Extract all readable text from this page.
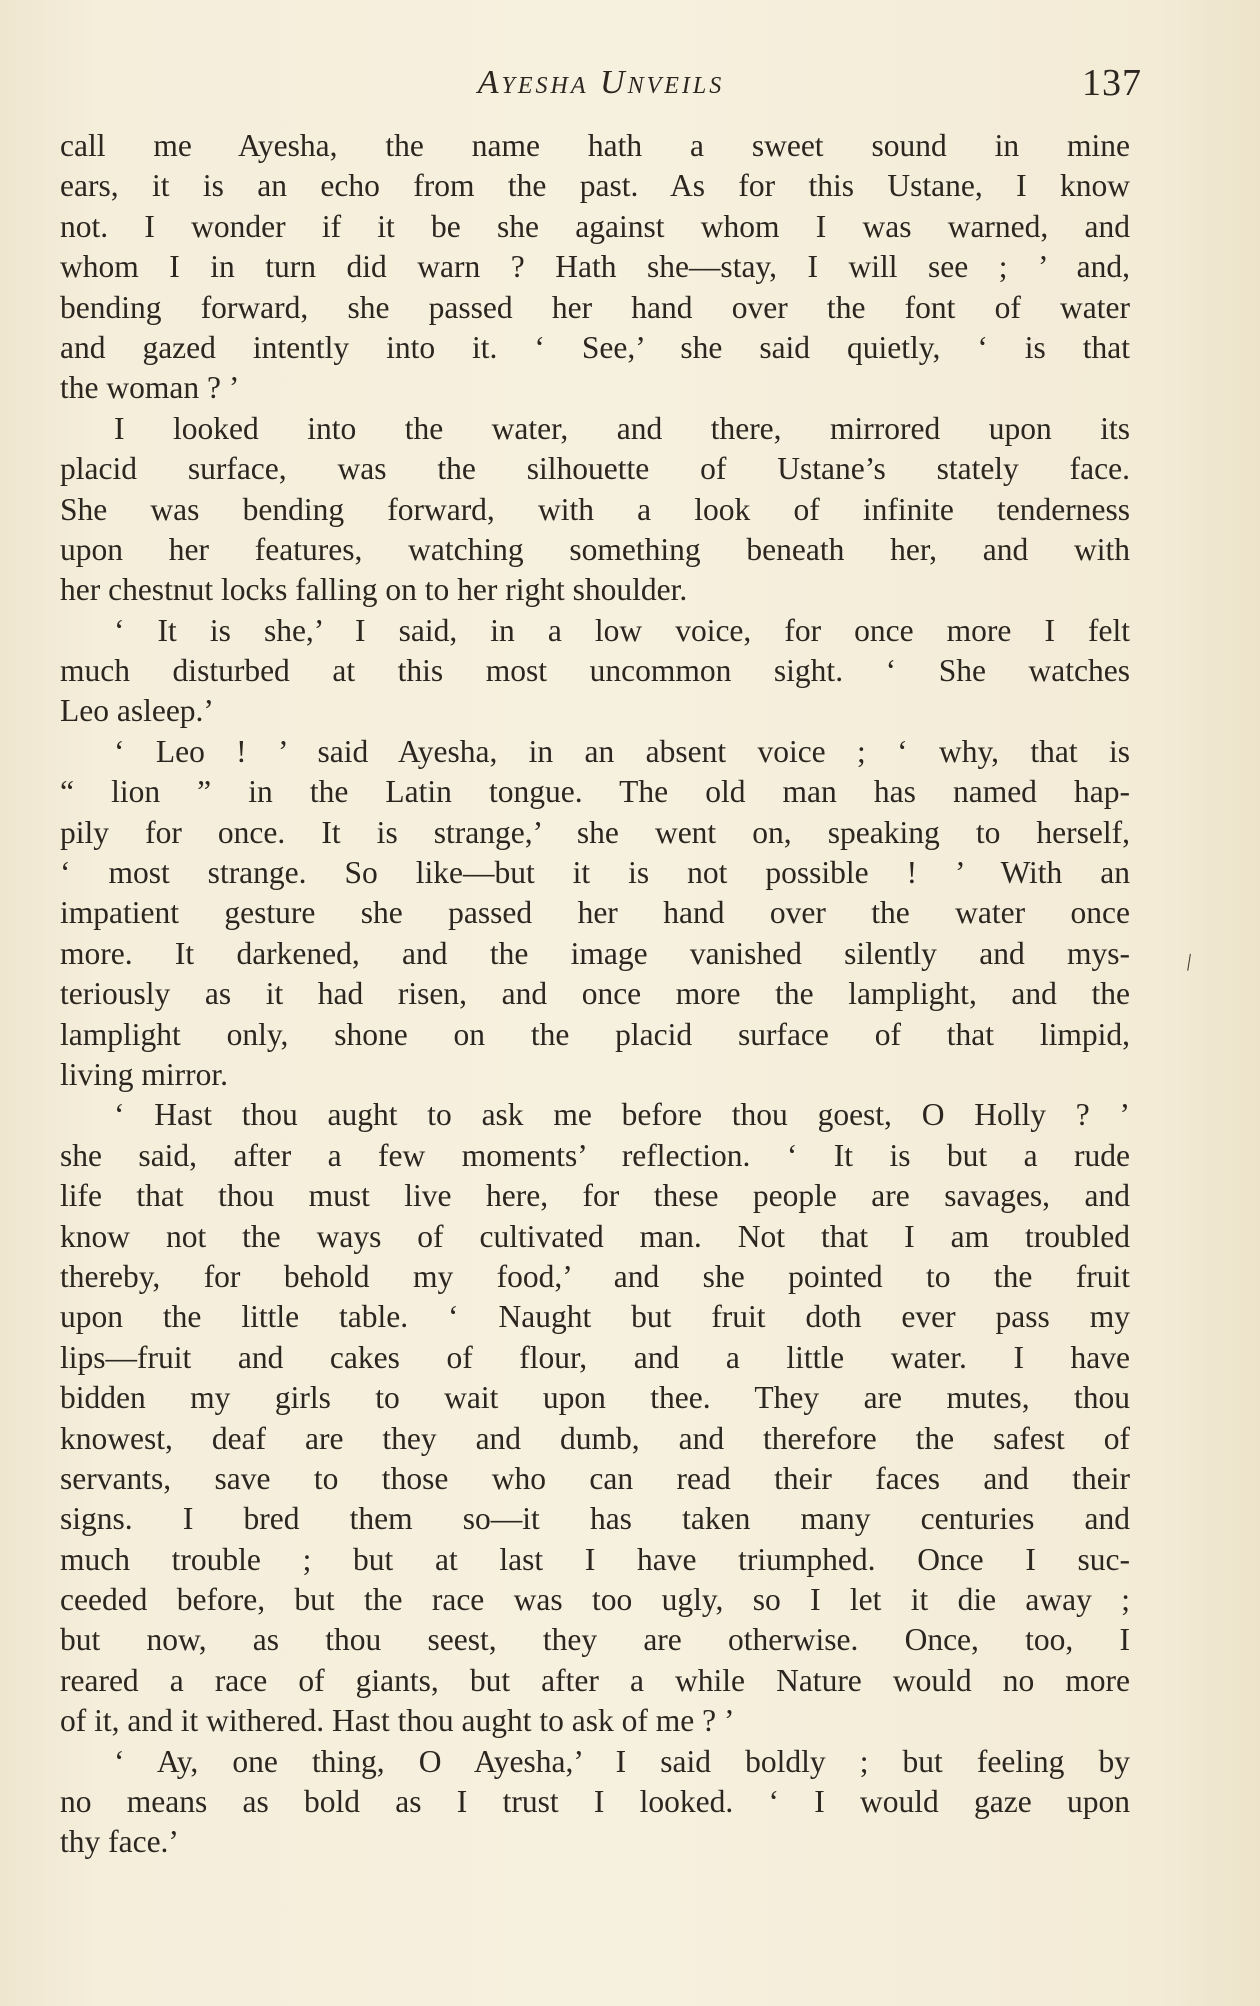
Ayesha Unveils	137
call me Ayesha, the name hath a sweet sound in mine
ears, it is an echo from the past. As for this Ustane, I know
not. I wonder if it be she against whom I was warned, and
whom I in turn did warn ? Hath she—stay, I will see ; ’ and,
bending forward, she passed her hand over the font of water
and gazed intently into it. ‘ See,’ she said quietly, ‘ is that
the woman ? ’
I looked into the water, and there, mirrored upon its
placid surface, was the silhouette of Ustane’s stately face.
She was bending forward, with a look of infinite tenderness
upon her features, watching something beneath her, and with
her chestnut locks falling on to her right shoulder.
‘ It is she,’ I said, in a low voice, for once more I felt
much disturbed at this most uncommon sight. ‘ She watches
Leo asleep.’
‘ Leo ! ’ said Ayesha, in an absent voice ; ‘ why, that is
“ lion ” in the Latin tongue. The old man has named hap-
pily for once. It is strange,’ she went on, speaking to herself,
‘ most strange. So like—but it is not possible ! ’ With an
impatient gesture she passed her hand over the water once
more. It darkened, and the image vanished silently and mys-
teriously as it had risen, and once more the lamplight, and the
lamplight only, shone on the placid surface of that limpid,
living mirror.
‘ Hast thou aught to ask me before thou goest, O Holly ? ’
she said, after a few moments’ reflection. ‘ It is but a rude
life that thou must live here, for these people are savages, and
know not the ways of cultivated man. Not that I am troubled
thereby, for behold my food,’ and she pointed to the fruit
upon the little table. ‘ Naught but fruit doth ever pass my
lips—fruit and cakes of flour, and a little water. I have
bidden my girls to wait upon thee. They are mutes, thou
knowest, deaf are they and dumb, and therefore the safest of
servants, save to those who can read their faces and their
signs. I bred them so—it has taken many centuries and
much trouble ; but at last I have triumphed. Once I suc-
ceeded before, but the race was too ugly, so I let it die away ;
but now, as thou seest, they are otherwise. Once, too, I
reared a race of giants, but after a while Nature would no more
of it, and it withered. Hast thou aught to ask of me ? ’
‘ Ay, one thing, O Ayesha,’ I said boldly ; but feeling by
no means as bold as I trust I looked. ‘ I would gaze upon
thy face.’
/
